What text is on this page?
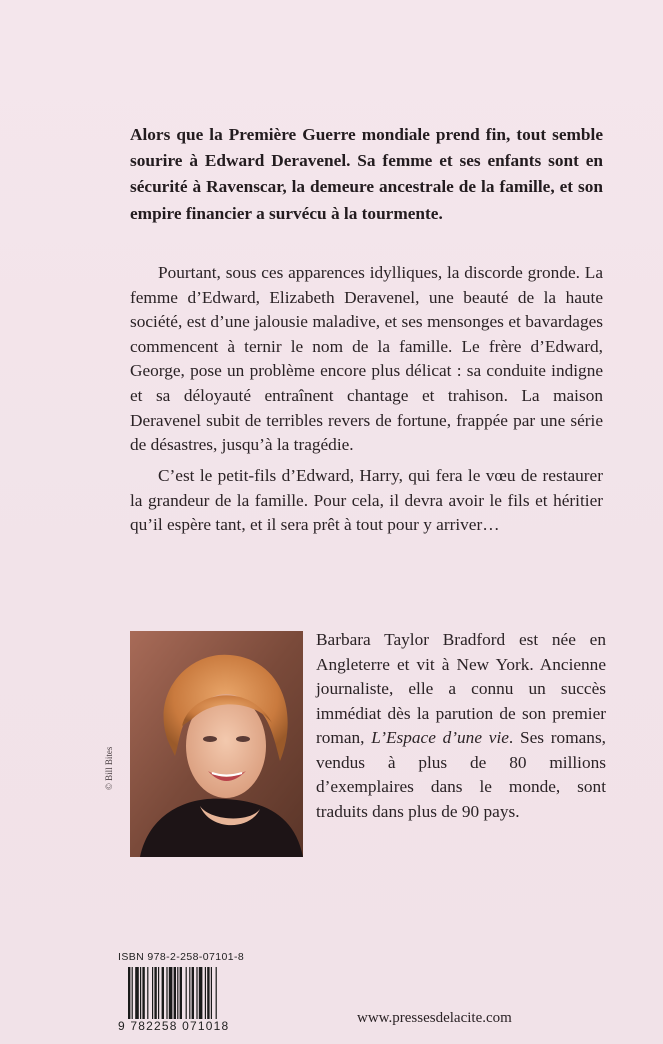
Alors que la Première Guerre mondiale prend fin, tout semble sourire à Edward Deravenel. Sa femme et ses enfants sont en sécurité à Ravenscar, la demeure ancestrale de la famille, et son empire financier a survécu à la tourmente.

Pourtant, sous ces apparences idylliques, la discorde gronde. La femme d’Edward, Elizabeth Deravenel, une beauté de la haute société, est d’une jalousie maladive, et ses mensonges et bavardages commencent à ternir le nom de la famille. Le frère d’Edward, George, pose un problème encore plus délicat : sa conduite indigne et sa déloyauté entraînent chantage et trahison. La maison Deravenel subit de terribles revers de fortune, frappée par une série de désastres, jusqu’à la tragédie.

C’est le petit-fils d’Edward, Harry, qui fera le vœu de restaurer la grandeur de la famille. Pour cela, il devra avoir le fils et héritier qu’il espère tant, et il sera prêt à tout pour y arriver…

© Bill Bites

Barbara Taylor Bradford est née en Angleterre et vit à New York. Ancienne journaliste, elle a connu un succès immédiat dès la parution de son premier roman, L’Espace d’une vie. Ses romans, vendus à plus de 80 millions d’exemplaires dans le monde, sont traduits dans plus de 90 pays.

ISBN 978-2-258-07101-8
9 782258 071018	www.pressesdelacite.com
